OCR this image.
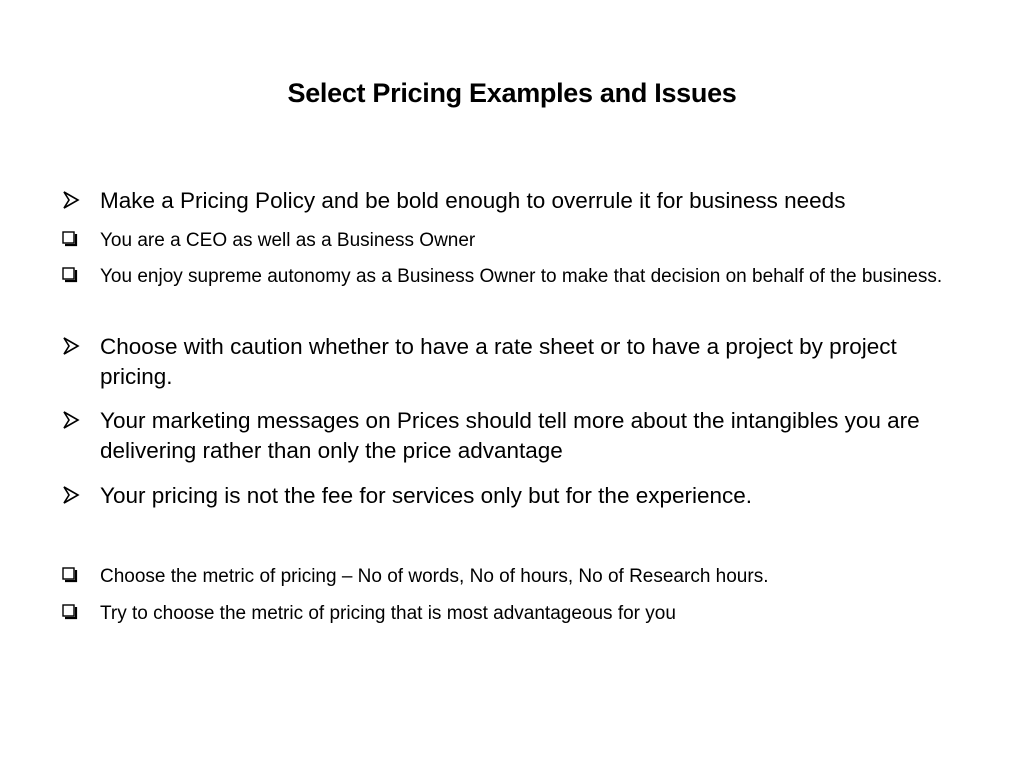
Select Pricing Examples and Issues
Make a Pricing Policy and be bold enough to overrule it for business needs
You are a CEO as well as a Business Owner
You enjoy supreme autonomy as a Business Owner to make that decision on behalf of the business.
Choose with caution whether to have a rate sheet or to have a project by project pricing.
Your marketing messages on Prices should tell more about the intangibles you are delivering rather than only the price advantage
Your pricing is not the fee for services only but for the experience.
Choose the metric of pricing – No of words, No of hours, No of Research hours.
Try to choose the metric of pricing that is most advantageous for you
